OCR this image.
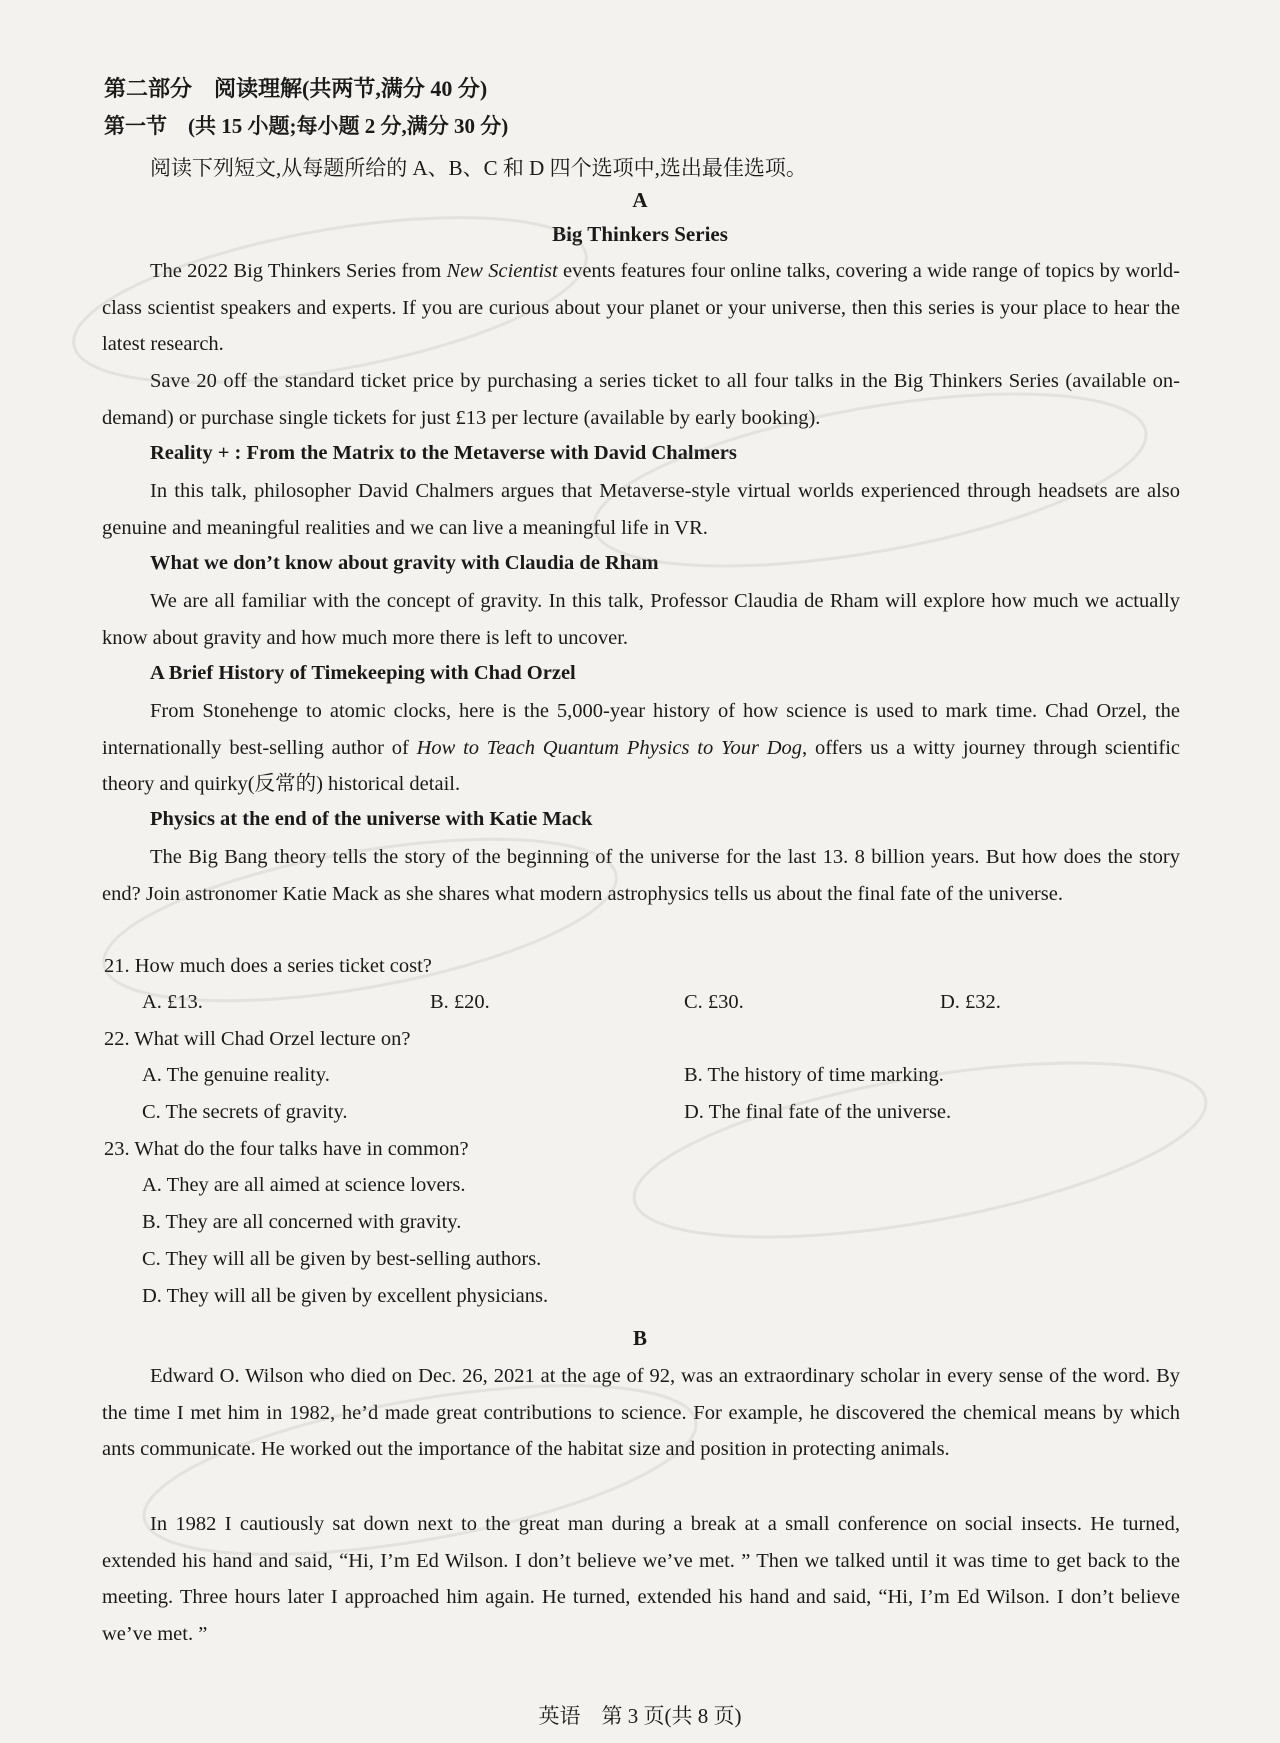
第二部分　阅读理解(共两节,满分 40 分)
第一节　(共 15 小题;每小题 2 分,满分 30 分)
阅读下列短文,从每题所给的 A、B、C 和 D 四个选项中,选出最佳选项。
A
Big Thinkers Series
The 2022 Big Thinkers Series from New Scientist events features four online talks, covering a wide range of topics by world-class scientist speakers and experts. If you are curious about your planet or your universe, then this series is your place to hear the latest research.
Save 20 off the standard ticket price by purchasing a series ticket to all four talks in the Big Thinkers Series (available on-demand) or purchase single tickets for just £13 per lecture (available by early booking).
Reality + : From the Matrix to the Metaverse with David Chalmers
In this talk, philosopher David Chalmers argues that Metaverse-style virtual worlds experienced through headsets are also genuine and meaningful realities and we can live a meaningful life in VR.
What we don’t know about gravity with Claudia de Rham
We are all familiar with the concept of gravity. In this talk, Professor Claudia de Rham will explore how much we actually know about gravity and how much more there is left to uncover.
A Brief History of Timekeeping with Chad Orzel
From Stonehenge to atomic clocks, here is the 5,000-year history of how science is used to mark time. Chad Orzel, the internationally best-selling author of How to Teach Quantum Physics to Your Dog, offers us a witty journey through scientific theory and quirky(反常的) historical detail.
Physics at the end of the universe with Katie Mack
The Big Bang theory tells the story of the beginning of the universe for the last 13. 8 billion years. But how does the story end? Join astronomer Katie Mack as she shares what modern astrophysics tells us about the final fate of the universe.
21. How much does a series ticket cost?
A. £13.	B. £20.	C. £30.	D. £32.
22. What will Chad Orzel lecture on?
A. The genuine reality.	B. The history of time marking.
C. The secrets of gravity.	D. The final fate of the universe.
23. What do the four talks have in common?
A. They are all aimed at science lovers.
B. They are all concerned with gravity.
C. They will all be given by best-selling authors.
D. They will all be given by excellent physicians.
B
Edward O. Wilson who died on Dec. 26, 2021 at the age of 92, was an extraordinary scholar in every sense of the word. By the time I met him in 1982, he’d made great contributions to science. For example, he discovered the chemical means by which ants communicate. He worked out the importance of the habitat size and position in protecting animals.
In 1982 I cautiously sat down next to the great man during a break at a small conference on social insects. He turned, extended his hand and said, “Hi, I’m Ed Wilson. I don’t believe we’ve met. ” Then we talked until it was time to get back to the meeting. Three hours later I approached him again. He turned, extended his hand and said, “Hi, I’m Ed Wilson. I don’t believe we’ve met. ”
英语　第 3 页(共 8 页)
